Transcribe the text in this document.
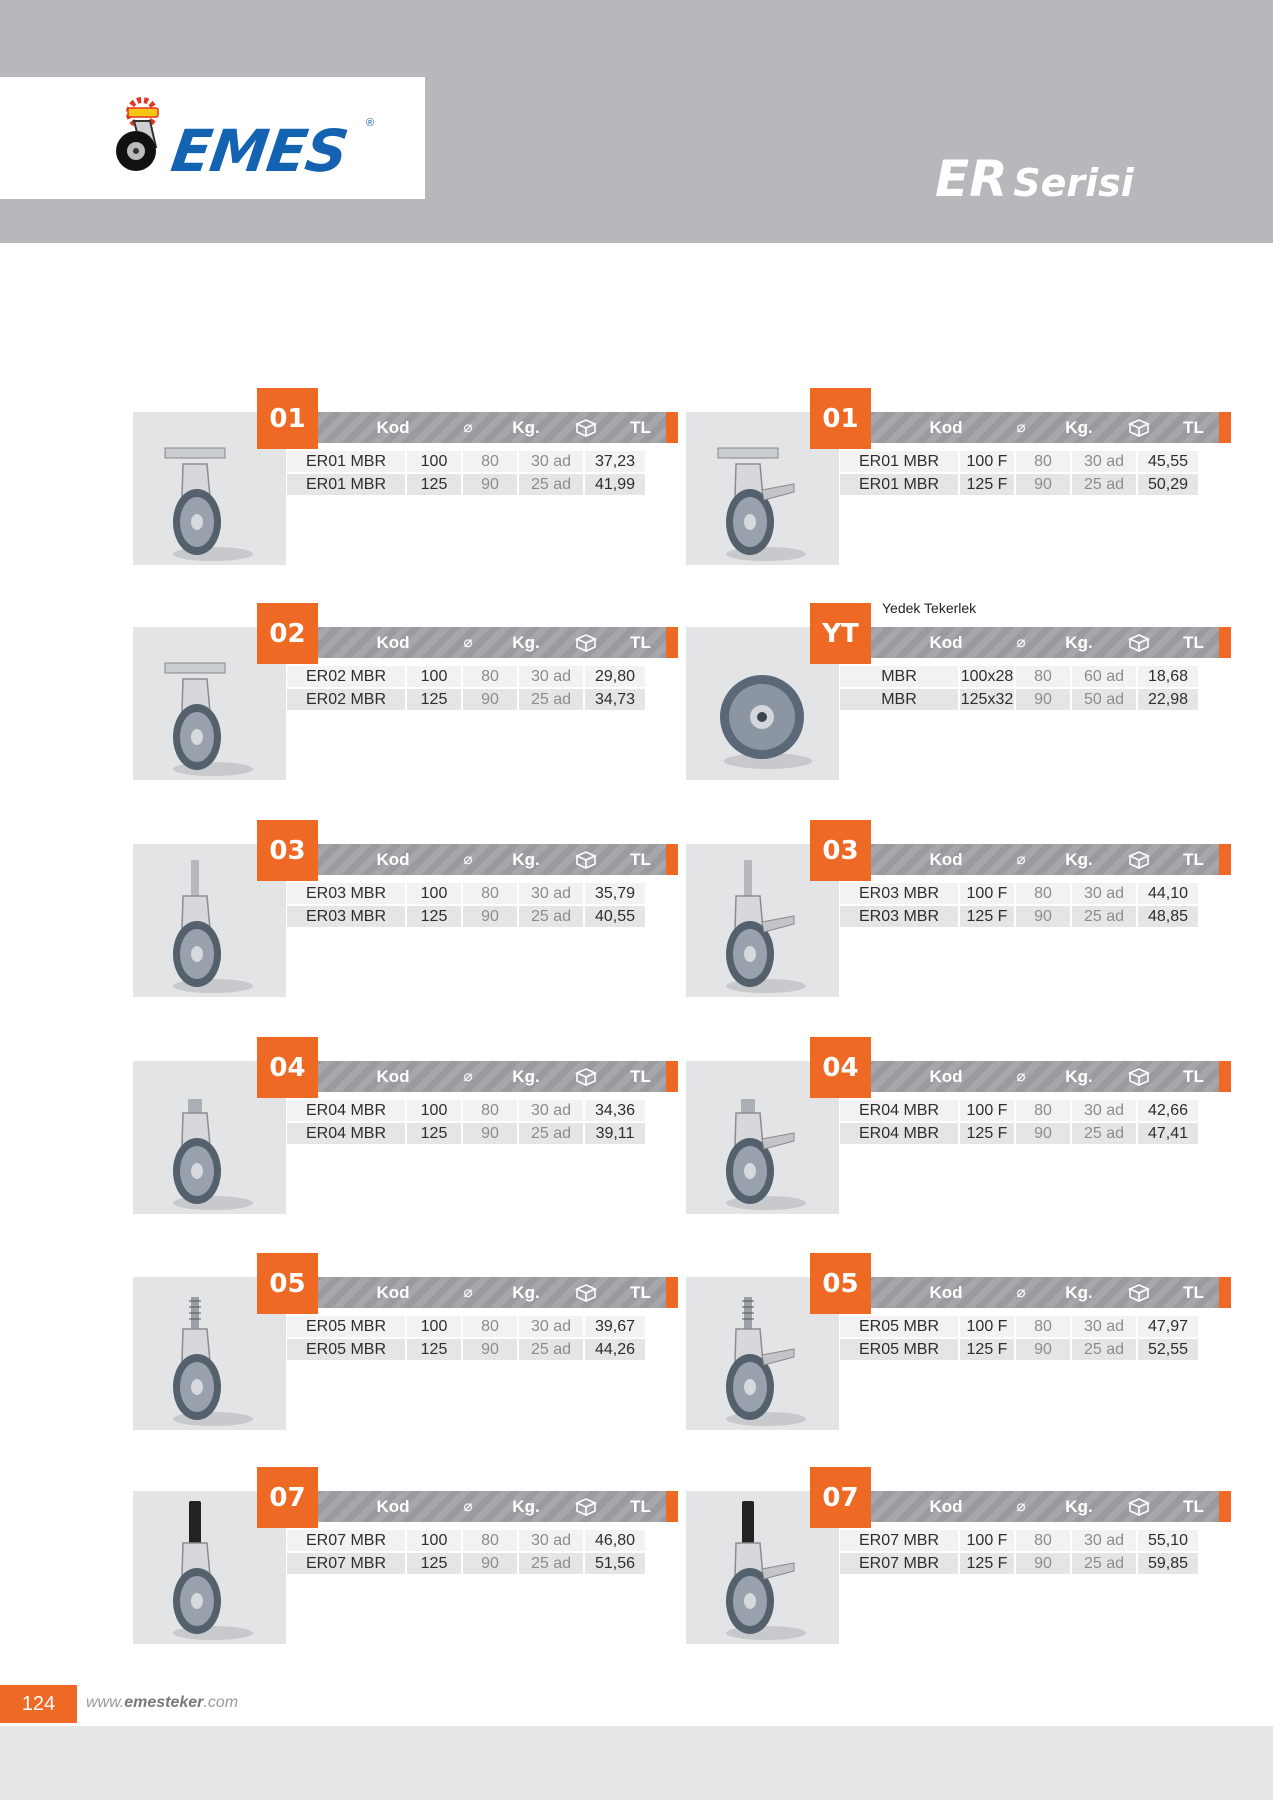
EMES ®
ER Serisi
Kod	⌀	Kg.	TL
01
ER01 MBR	100	80	30 ad	37,23
ER01 MBR	125	90	25 ad	41,99
Kod	⌀	Kg.	TL
01
ER01 MBR	100 F	80	30 ad	45,55
ER01 MBR	125 F	90	25 ad	50,29
Kod	⌀	Kg.	TL
02
ER02 MBR	100	80	30 ad	29,80
ER02 MBR	125	90	25 ad	34,73
Kod	⌀	Kg.	TL
YT
Yedek Tekerlek
MBR	100x28	80	60 ad	18,68
MBR	125x32	90	50 ad	22,98
Kod	⌀	Kg.	TL
03
ER03 MBR	100	80	30 ad	35,79
ER03 MBR	125	90	25 ad	40,55
Kod	⌀	Kg.	TL
03
ER03 MBR	100 F	80	30 ad	44,10
ER03 MBR	125 F	90	25 ad	48,85
Kod	⌀	Kg.	TL
04
ER04 MBR	100	80	30 ad	34,36
ER04 MBR	125	90	25 ad	39,11
Kod	⌀	Kg.	TL
04
ER04 MBR	100 F	80	30 ad	42,66
ER04 MBR	125 F	90	25 ad	47,41
Kod	⌀	Kg.	TL
05
ER05 MBR	100	80	30 ad	39,67
ER05 MBR	125	90	25 ad	44,26
Kod	⌀	Kg.	TL
05
ER05 MBR	100 F	80	30 ad	47,97
ER05 MBR	125 F	90	25 ad	52,55
Kod	⌀	Kg.	TL
07
ER07 MBR	100	80	30 ad	46,80
ER07 MBR	125	90	25 ad	51,56
Kod	⌀	Kg.	TL
07
ER07 MBR	100 F	80	30 ad	55,10
ER07 MBR	125 F	90	25 ad	59,85
124	www.emesteker.com
